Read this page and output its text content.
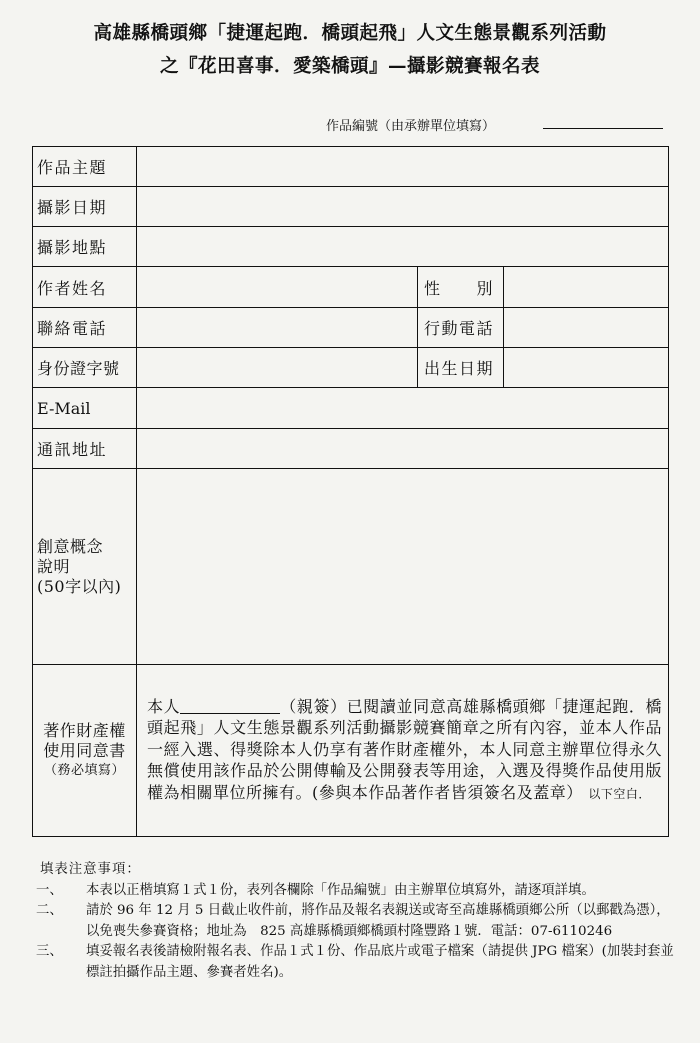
高雄縣橋頭鄉「捷運起跑．橋頭起飛」人文生態景觀系列活動
之『花田喜事．愛築橋頭』—攝影競賽報名表
作品編號（由承辦單位填寫）
作品主題			
攝影日期			
攝影地點			
作者姓名		性　　別	
聯絡電話		行動電話	
身份證字號		出生日期	
E-Mail			
通訊地址			

創意概念
說明
(50字以內)			

著作財產權
使用同意書
（務必填寫）	本人 （親簽）已閱讀並同意高雄縣橋頭鄉「捷運起跑．橋頭起飛」人文生態景觀系列活動攝影競賽簡章之所有內容，並本人作品一經入選、得獎除本人仍享有著作財產權外，本人同意主辦單位得永久無償使用該作品於公開傳輸及公開發表等用途，入選及得獎作品使用版權為相關單位所擁有。(參與本作品著作者皆須簽名及蓋章） 以下空白．		
填表注意事項：
一、	本表以正楷填寫１式１份，表列各欄除「作品編號」由主辦單位填寫外，請逐項詳填。
二、	請於 96 年 12 月 5 日截止收件前，將作品及報名表親送或寄至高雄縣橋頭鄉公所（以郵戳為憑），以免喪失參賽資格；地址為　825 高雄縣橋頭鄉橋頭村隆豐路１號．電話：07-6110246
三、	填妥報名表後請檢附報名表、作品１式１份、作品底片或電子檔案（請提供 JPG 檔案）(加裝封套並標註拍攝作品主題、參賽者姓名)。
